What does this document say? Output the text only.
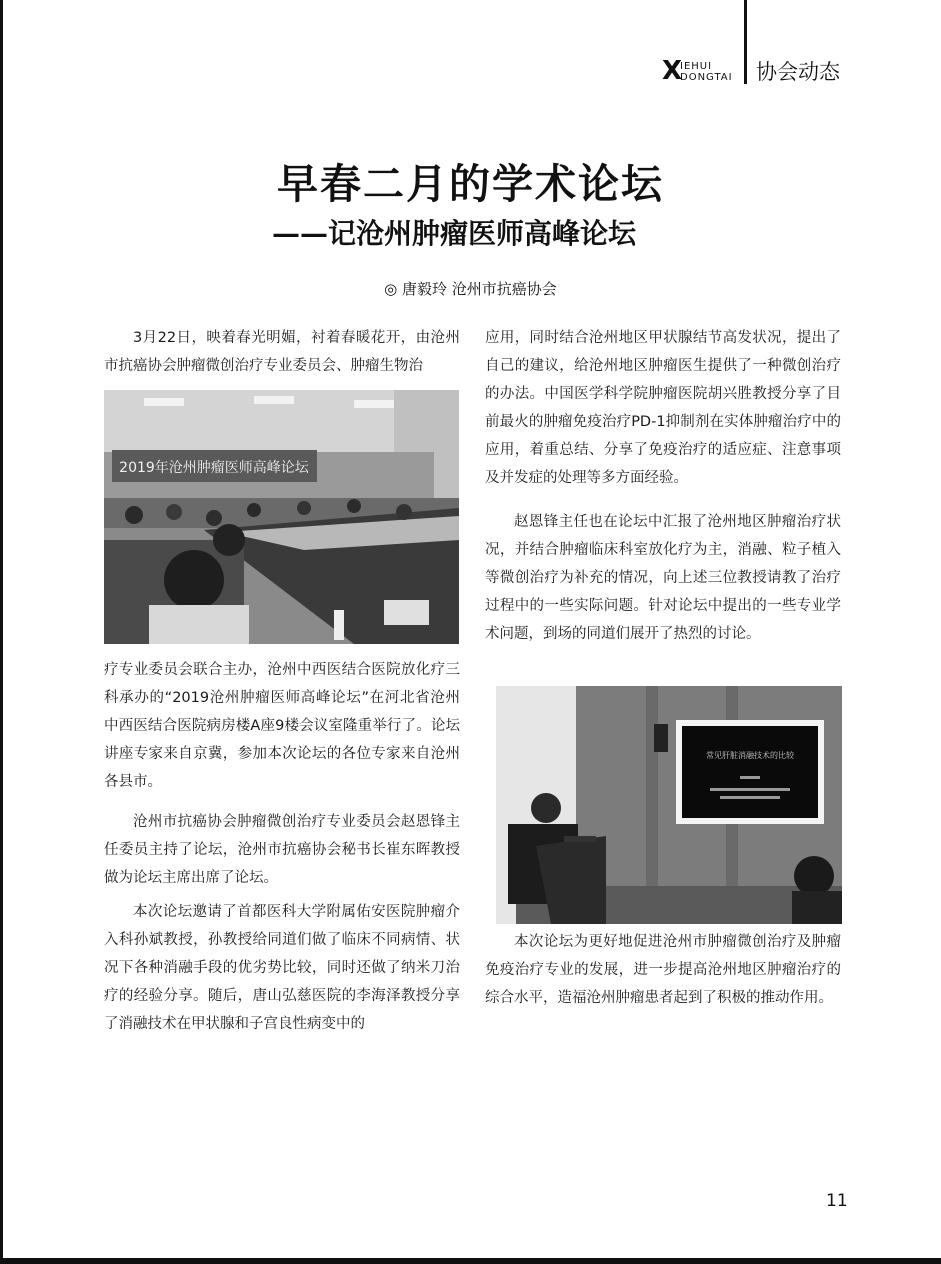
X
IEHUI
DONGTAI 协会动态
早春二月的学术论坛
——记沧州肿瘤医师高峰论坛
◎ 唐毅玲 沧州市抗癌协会

3月22日，映着春光明媚，衬着春暖花开，由沧州市抗癌协会肿瘤微创治疗专业委员会、肿瘤生物治

2019年沧州肿瘤医师高峰论坛

疗专业委员会联合主办，沧州中西医结合医院放化疗三科承办的“2019沧州肿瘤医师高峰论坛”在河北省沧州中西医结合医院病房楼A座9楼会议室隆重举行了。论坛讲座专家来自京冀，参加本次论坛的各位专家来自沧州各县市。

沧州市抗癌协会肿瘤微创治疗专业委员会赵恩锋主任委员主持了论坛，沧州市抗癌协会秘书长崔东晖教授做为论坛主席出席了论坛。

本次论坛邀请了首都医科大学附属佑安医院肿瘤介入科孙斌教授，孙教授给同道们做了临床不同病情、状况下各种消融手段的优劣势比较，同时还做了纳米刀治疗的经验分享。随后，唐山弘慈医院的李海泽教授分享了消融技术在甲状腺和子宫良性病变中的

应用，同时结合沧州地区甲状腺结节高发状况，提出了自己的建议，给沧州地区肿瘤医生提供了一种微创治疗的办法。中国医学科学院肿瘤医院胡兴胜教授分享了目前最火的肿瘤免疫治疗PD-1抑制剂在实体肿瘤治疗中的应用，着重总结、分享了免疫治疗的适应症、注意事项及并发症的处理等多方面经验。

赵恩锋主任也在论坛中汇报了沧州地区肿瘤治疗状况，并结合肿瘤临床科室放化疗为主，消融、粒子植入等微创治疗为补充的情况，向上述三位教授请教了治疗过程中的一些实际问题。针对论坛中提出的一些专业学术问题，到场的同道们展开了热烈的讨论。

常见肝脏消融技术的比较

本次论坛为更好地促进沧州市肿瘤微创治疗及肿瘤免疫治疗专业的发展，进一步提高沧州地区肿瘤治疗的综合水平，造福沧州肿瘤患者起到了积极的推动作用。

11
